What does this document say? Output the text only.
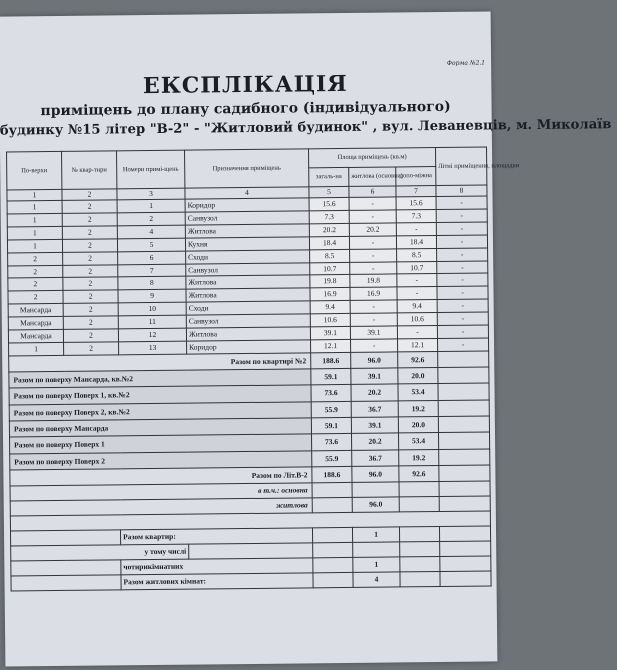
Форма №2.1
ЕКСПЛІКАЦІЯ
приміщень до плану садибного (індивідуального)
будинку №15 літер "В-2" - "Житловий будинок" , вул. Леваневців, м. Миколаїв
По-верхи	№ квар-тири	Номери примі-щень	Призначення приміщень	Площа приміщень (кв.м)			Літні приміщення, площадки
				загаль-на	житлова (основна)	допо-міжна	
1	2	3	4	5	6	7	8
1	2	1	Коридор	15.6	-	15.6	-
1	2	2	Санвузол	7.3	-	7.3	-
1	2	4	Житлова	20.2	20.2	-	-
1	2	5	Кухня	18.4	-	18.4	-
2	2	6	Сходи	8.5	-	8.5	-
2	2	7	Санвузол	10.7	-	10.7	-
2	2	8	Житлова	19.8	19.8	-	-
2	2	9	Житлова	16.9	16.9	-	-
Мансарда	2	10	Сходи	9.4	-	9.4	-
Мансарда	2	11	Санвузол	10.6	-	10.6	-
Мансарда	2	12	Житлова	39.1	39.1	-	-
1	2	13	Коридор	12.1	-	12.1	-
Разом по квартирі №2				188.6	96.0	92.6	
Разом по поверху Мансарда, кв.№2				59.1	39.1	20.0	
Разом по поверху Поверх 1, кв.№2				73.6	20.2	53.4	
Разом по поверху Поверх 2, кв.№2				55.9	36.7	19.2	
Разом по поверху Мансарда				59.1	39.1	20.0	
Разом по поверху Поверх 1				73.6	20.2	53.4	
Разом по поверху Поверх 2				55.9	36.7	19.2	
Разом по Літ.В-2				188.6	96.0	92.6	
в т.ч.: основна							
житлова					96.0		

		Разом квартир:			1		
у тому числі							
		чотирикімнатних			1		
		Разом житлових кімнат:			4		
